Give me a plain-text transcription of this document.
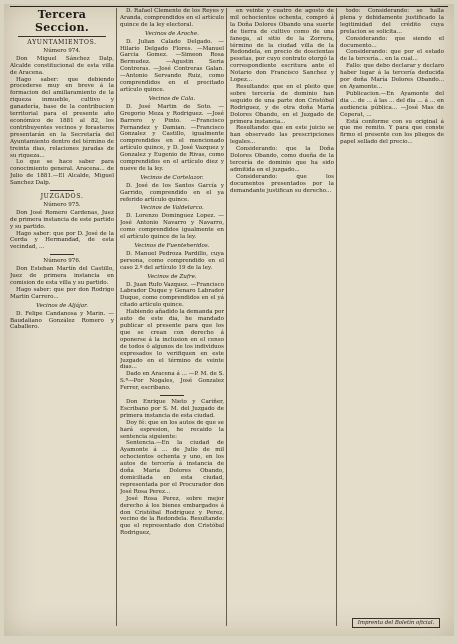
Tercera Seccion.
AYUNTAMIENTOS.
Número 974.

Don Miguel Sánchez Dalp, Alcalde constitucional de esta villa de Aracena.

Hago saber: que debiendo procederse muy en breve á la formacion del amillaramiento de la riqueza inmueble, cultivo y ganadería, base de la contribucion territorial para el presente año económico de 1881 al 82, los contribuyentes vecinos y forasteros presentarán en la Secretaría del Ayuntamiento dentro del término de treinta dias, relaciones juradas de su riqueza...

Lo que se hace saber para conocimiento general. Aracena... de Julio de 1881.—El Alcalde, Miguel Sanchez Dalp.

JUZGADOS.
Número 975.

Don José Romero Cardenas, Juez de primera instancia de este partido y su partido.

Hago saber: que por D. José de la Cerda y Hermandad, de esta vecindad, ...

Número 976.

Don Esteban Martín del Castillo, Juez de primera instancia en comision de esta villa y su partido.

Hago saber: que por don Rodrigo Martin Carrero...

Vecinos de Aljájar.

D. Felipe Candanosa y Marin. —Baudaliano González Romero y Caballero.

D. Rafael Clemente de los Reyes y Aranda, comprendidos en el artículo quince de la ley electoral.

Vecinos de Aroche.

D. Julian Calado Delgado. —Hilario Delgado Flores. —Manuel Garcia Gomez. —Simeon Rosa Bermudez. —Agustin Seria Contreras. —José Contreras Galan. —Antonio Servando Ruiz, como comprendidos en el precitado artículo quince.

Vecinos de Cala.

D. José Martin de Soto. —Gregorio Meza y Rodriguez. —José Barrero y Pinto. —Francisco Fernandez y Damian. —Francisco Gonzalez y Castillo, igualmente comprendidos en el mencionado artículo quince, y D. José Vazquez y Gonzalez y Eugenio de Rivas, como comprendidos en el artículo diez y nueve de la ley.

Vecinos de Cortelazor.

D. José de los Santos García y Garrido, comprendido en el ya referido artículo quince.

Vecinos de Valdelarco.

D. Lorenzo Dominguez Lopez. —José Antonio Navarro y Navarro, como comprendidos igualmente en el artículo quince de la ley.

Vecinos de Fuenteheridos.

D. Manuel Pedroza Pardillo, cuya persona, como comprendido en el caso 2.º del artículo 19 de la ley.

Vecinos de Zufre.

D. Juan Rufo Vazquez. —Francisco Labrador Duque y Genaro Labrador Duque, como comprendidos en el yá citado artículo quince.

Habiendo añadido la demanda por auto de este dia, he mandado publicar el presente para que los que se crean con derecho á oponerse á la inclusion en el censo de todos ó algunos de los individuos expresados lo verifiquen en este Juzgado en el término de veinte dias...

Dado en Aracena á ... —P. M. de S. S.ª—Por Nogales, José Gonzalez Ferrer, escribano.

Don Enrique Nieto y Cariñer, Escribano por S. M. del Juzgado de primera instancia de esta ciudad.

Doy fé: que en los autos de que se hará espresion, he recaido la sentencia siguiente:

Sentencia.—En la ciudad de Ayamonte á ... de Julio de mil ochocientos ochenta y uno, en los autos de tercería á instancia de doña María Dolores Obando, domiciliada en esta ciudad, representada por el Procurador don José Rosa Perez...

José Rosa Perez, sobre mejor derecho á los bienes embargados á don Cristóbal Rodriguez y Perez, vecino de la Redondela. Resultando: que el representado don Cristóbal Rodriguez,

en veinte y cuatro de agosto de mil ochocientos ochenta, compró á la Doña Dolores Obando una suerte de tierra de cultivo como de una fanega, al sitio de la Zorrera, término de la ciudad villa de la Redondela, en precio de doscientas pesetas, por cuyo contrato otorgó la correspondiente escritura ante el Notario don Francisco Sanchez y Lopez...

Resultando: que en el pleito que sobre tercería de dominio han seguido de una parte don Cristóbal Rodriguez, y de otra doña María Dolores Obando, en el Juzgado de primera instancia...

Resultando: que en este juicio se han observado las prescripciones legales...

Considerando: que la Doña Dolores Obando, como dueña de la tercería de dominio que ha sido admitida en el juzgado...

Considerando: que los documentos presentados por la demandante justifican su derecho...

todo: Considerando: se halla plena y debidamente justificado la legitimidad del crédito cuya prelacion se solicita...

Considerando: que siendo el documento...

Considerando: que por el estado de la tercería... en la cual...

Fallo: que debo declarar y declaro haber lugar á la tercería deducida por doña María Dolores Obando... en Ayamonte...

Publicacion.—En Ayamonte del dia ... de ... á las ... del dia ... á ... en audiencia pública... —José Mas de Ceperat, ...

Está conforme con su original á que me remito. Y para que conste firmo el presente con los pliegos de papel sellado del precio...

Imprenta del Boletín oficial.
